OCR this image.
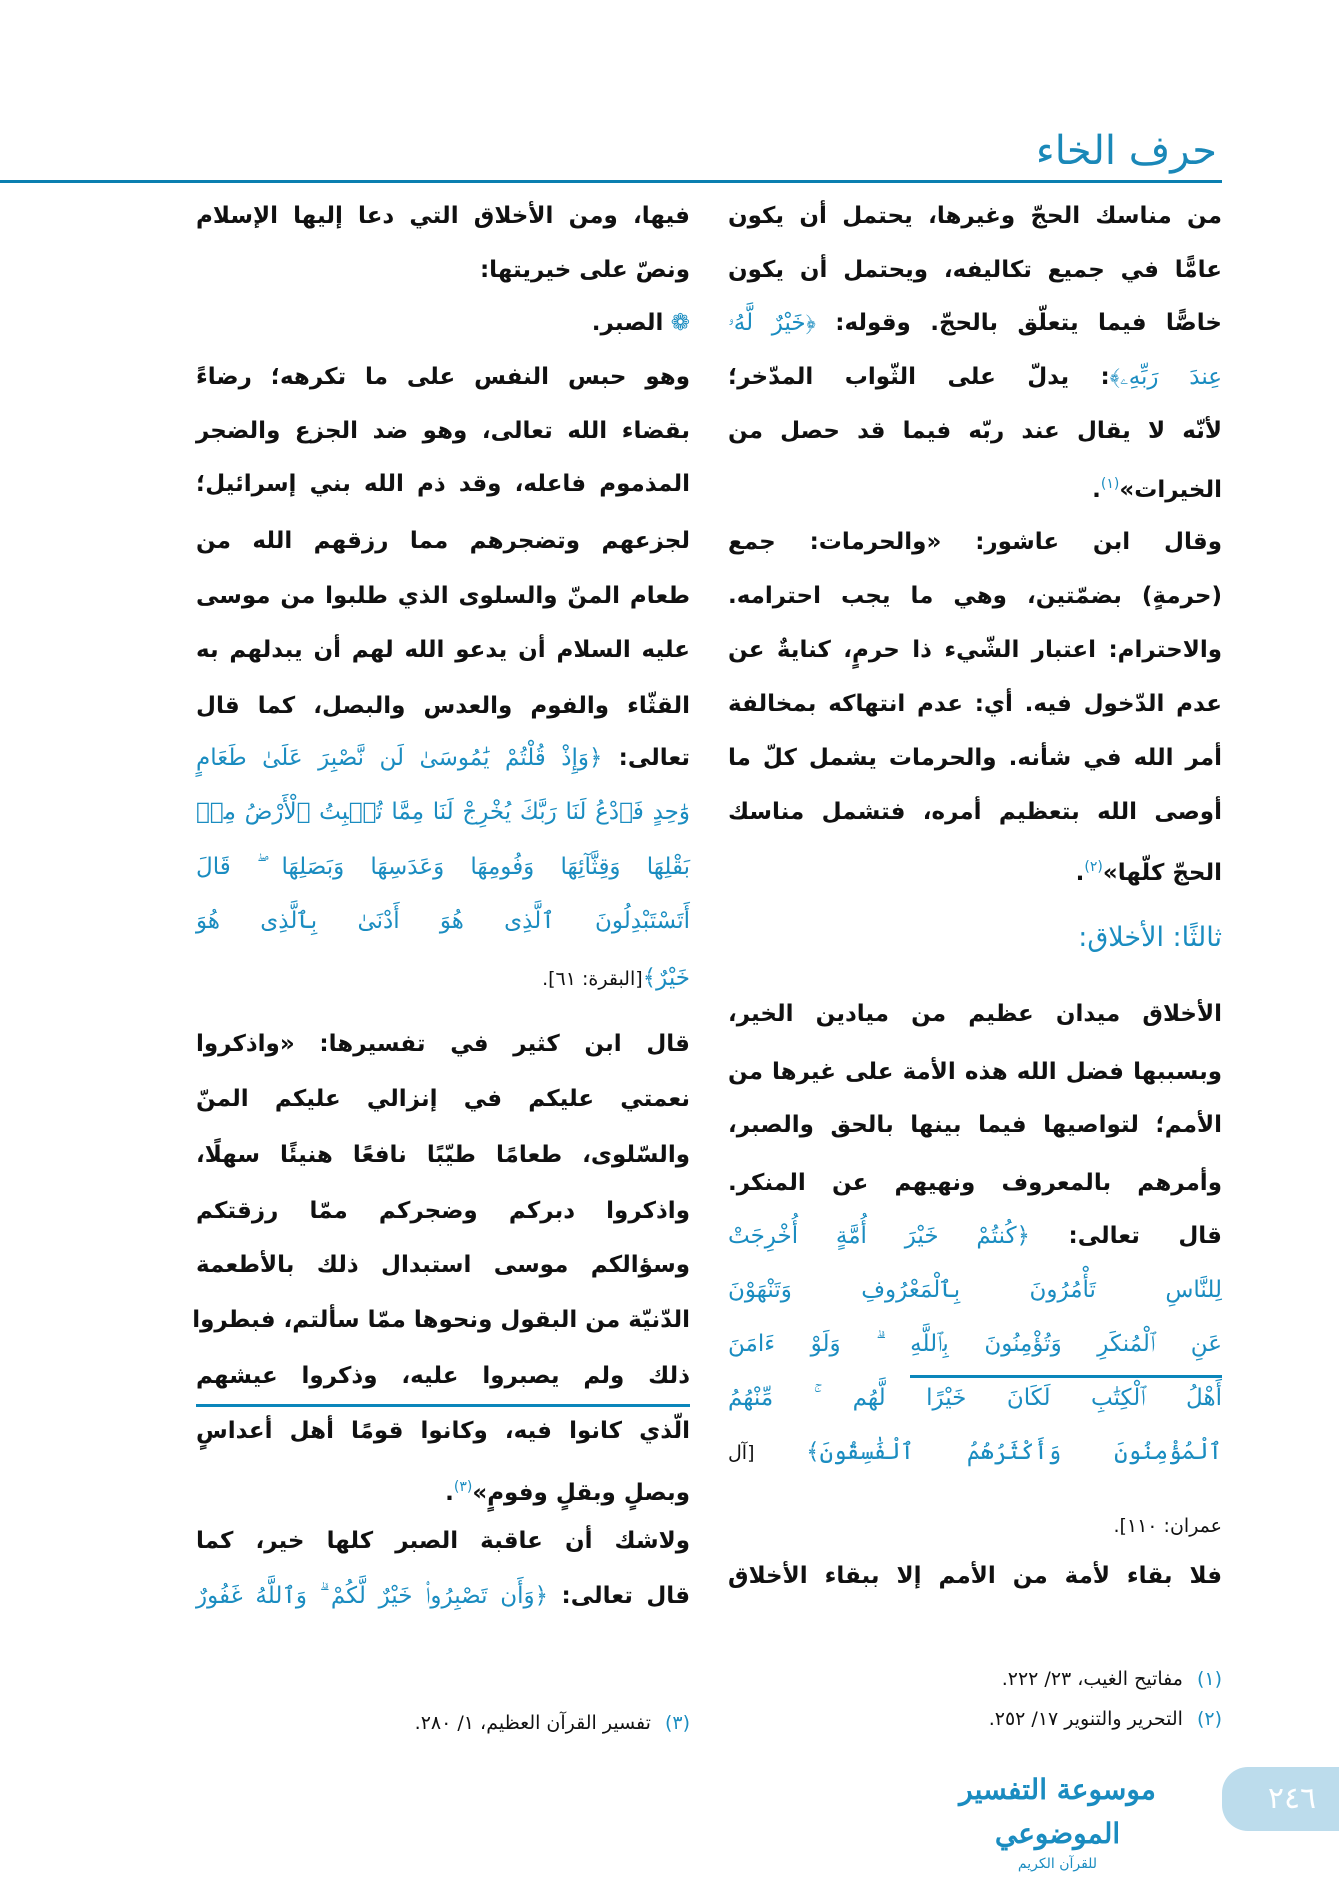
حرف الخاء
من مناسك الحجّ وغيرها، يحتمل أن يكون
عامًّا في جميع تكاليفه، ويحتمل أن يكون
خاصًّا فيما يتعلّق بالحجّ. وقوله: ﴿خَيْرٌ لَّهُۥ
عِندَ رَبِّهِۦ﴾: يدلّ على الثّواب المدّخر؛
لأنّه لا يقال عند ربّه فيما قد حصل من
الخيرات»$^{(١)}$.
وقال ابن عاشور: «والحرمات: جمع
(حرمةٍ) بضمّتين، وهي ما يجب احترامه.
والاحترام: اعتبار الشّيء ذا حرمٍ، كنايةٌ عن
عدم الدّخول فيه. أي: عدم انتهاكه بمخالفة
أمر الله في شأنه. والحرمات يشمل كلّ ما
أوصى الله بتعظيم أمره، فتشمل مناسك
الحجّ كلّها»$^{(٢)}$.
ثالثًا: الأخلاق:
الأخلاق ميدان عظيم من ميادين الخير،
وبسببها فضل الله هذه الأمة على غيرها من
الأمم؛ لتواصيها فيما بينها بالحق والصبر،
وأمرهم بالمعروف ونهيهم عن المنكر.
قال تعالى: ﴿كُنتُمْ خَيْرَ أُمَّةٍ أُخْرِجَتْ
لِلنَّاسِ تَأْمُرُونَ بِٱلْمَعْرُوفِ وَتَنْهَوْنَ
عَنِ ٱلْمُنكَرِ وَتُؤْمِنُونَ بِٱللَّهِ ۗ وَلَوْ ءَامَنَ
أَهْلُ ٱلْكِتَٰبِ لَكَانَ خَيْرًا لَّهُم ۚ مِّنْهُمُ
ٱلْمُؤْمِنُونَ وَأَكْثَرُهُمُ ٱلْفَٰسِقُونَ﴾ [آل
عمران: ١١٠].
فلا بقاء لأمة من الأمم إلا ببقاء الأخلاق
(١)مفاتيح الغيب، ٢٣/ ٢٢٢.
(٢)التحرير والتنوير ١٧/ ٢٥٢.
فيها، ومن الأخلاق التي دعا إليها الإسلام
ونصّ على خيريتها:
❁ الصبر.
وهو حبس النفس على ما تكرهه؛ رضاءً
بقضاء الله تعالى، وهو ضد الجزع والضجر
المذموم فاعله، وقد ذم الله بني إسرائيل؛
لجزعهم وتضجرهم مما رزقهم الله من
طعام المنّ والسلوى الذي طلبوا من موسى
عليه السلام أن يدعو الله لهم أن يبدلهم به
القثّاء والفوم والعدس والبصل، كما قال
تعالى: ﴿وَإِذْ قُلْتُمْ يَٰمُوسَىٰ لَن نَّصْبِرَ عَلَىٰ طَعَامٍ
وَٰحِدٍ فَٱدْعُ لَنَا رَبَّكَ يُخْرِجْ لَنَا مِمَّا تُنۢبِتُ ٱلْأَرْضُ مِنۢ
بَقْلِهَا وَقِثَّآئِهَا وَفُومِهَا وَعَدَسِهَا وَبَصَلِهَا ۖ قَالَ
أَتَسْتَبْدِلُونَ ٱلَّذِى هُوَ أَدْنَىٰ بِٱلَّذِى هُوَ
خَيْرٌ﴾[البقرة: ٦١].
قال ابن كثير في تفسيرها: «واذكروا
نعمتي عليكم في إنزالي عليكم المنّ
والسّلوى، طعامًا طيّبًا نافعًا هنيئًا سهلًا،
واذكروا دبركم وضجركم ممّا رزقتكم
وسؤالكم موسى استبدال ذلك بالأطعمة
الدّنيّة من البقول ونحوها ممّا سألتم، فبطروا
ذلك ولم يصبروا عليه، وذكروا عيشهم
الّذي كانوا فيه، وكانوا قومًا أهل أعداسٍ
وبصلٍ وبقلٍ وفومٍ»$^{(٣)}$.
ولاشك أن عاقبة الصبر كلها خير، كما
قال تعالى: ﴿وَأَن تَصْبِرُوا۟ خَيْرٌ لَّكُمْ ۗ وَٱللَّهُ غَفُورٌ
(٣)تفسير القرآن العظيم، ١/ ٢٨٠.
موسوعة التفسير الموضوعي
للقرآن الكريم
٢٤٦
